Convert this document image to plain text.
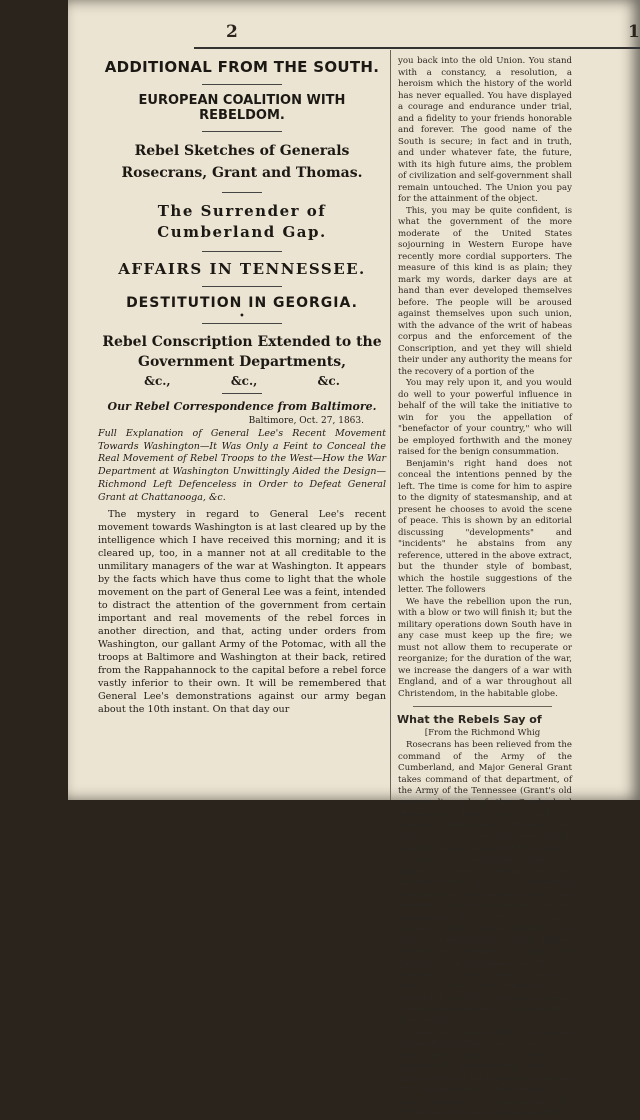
2	1

ADDITIONAL FROM THE SOUTH.

EUROPEAN COALITION WITH REBELDOM.

Rebel Sketches of Generals Rosecrans, Grant and Thomas.

The Surrender of Cumberland Gap.

AFFAIRS IN TENNESSEE.

DESTITUTION IN GEORGIA.

•

Rebel Conscription Extended to the Government Departments,

&c.,	&c.,	&c.
Our Rebel Correspondence from Baltimore.
Baltimore, Oct. 27, 1863.
Full Explanation of General Lee's Recent Movement Towards Washington—It Was Only a Feint to Conceal the Real Movement of Rebel Troops to the West—How the War Department at Washington Unwittingly Aided the Design—Richmond Left Defenceless in Order to Defeat General Grant at Chattanooga, &c.
The mystery in regard to General Lee's recent movement towards Washington is at last cleared up by the intelligence which I have received this morning; and it is cleared up, too, in a manner not at all creditable to the unmilitary managers of the war at Washington. It appears by the facts which have thus come to light that the whole movement on the part of General Lee was a feint, intended to distract the attention of the government from certain important and real movements of the rebel forces in another direction, and that, acting under orders from Washington, our gallant Army of the Potomac, with all the troops at Baltimore and Washington at their back, retired from the Rappahannock to the capital before a rebel force vastly inferior to their own. It will be remembered that General Lee's demonstrations against our army began about the 10th instant. On that day our

you back into the old Union. You stand with a constancy, a resolution, a heroism which the history of the world has never equalled. You have displayed a courage and endurance under trial, and a fidelity to your friends honorable and forever. The good name of the South is secure; in fact and in truth, and under whatever fate, the future, with its high future aims, the problem of civilization and self-government shall remain untouched. The Union you pay for the attainment of the object.

This, you may be quite confident, is what the government of the more moderate of the United States sojourning in Western Europe have recently more cordial supporters. The measure of this kind is as plain; they mark my words, darker days are at hand than ever developed themselves before. The people will be aroused against themselves upon such union, with the advance of the writ of habeas corpus and the enforcement of the Conscription, and yet they will shield their under any authority the means for the recovery of a portion of the

You may rely upon it, and you would do well to your powerful influence in behalf of the will take the initiative to win for you the appellation of "benefactor of your country," who will be employed forthwith and the money raised for the benign consummation.

Benjamin's right hand does not conceal the intentions penned by the left. The time is come for him to aspire to the dignity of statesmanship, and at present he chooses to avoid the scene of peace. This is shown by an editorial discussing "developments" and "incidents" he abstains from any reference, uttered in the above extract, but the thunder style of bombast, which the hostile suggestions of the letter. The followers

We have the rebellion upon the run, with a blow or two will finish it; but the military operations down South have in any case must keep up the fire; we must not allow them to recuperate or reorganize; for the duration of the war, we increase the dangers of a war with England, and of a war throughout all Christendom, in the habitable globe.

What the Rebels Say of
[From the Richmond Whig

Rosecrans has been relieved from the command of the Army of the Cumberland, and Major General Grant takes command of that department, of the Army of the Tennessee (Grant's old command), and of the Cumberland (Rosecrans' late army), and of Kentucky (Burnside's). Thomas, the Virginian and once ultra secessionist, takes the place vacated by Rosecrans.

So much we learn from a New York paper. If the strength of the announcement, be not a misleading hyperbole—it now remains to be seen whether the conquerable hero of the Mississippi valley, with his five more armies, reduced more strongly, and with more territory than all our Yankee armies put together, or than any general since Napoleon the First—it remains for Major General Grant to drive the rebels now intrenched and fortified in the West, as he has already routed them the length and breadth of the great river.

There are some sounding sentences in the official letters. Let us look a little into the history of Ulysses. A regimental quartermaster, who was famous only for his love of whiskey, his first appearance in the present war was somewhere, in conjunction with McClernand of the Confederate army
